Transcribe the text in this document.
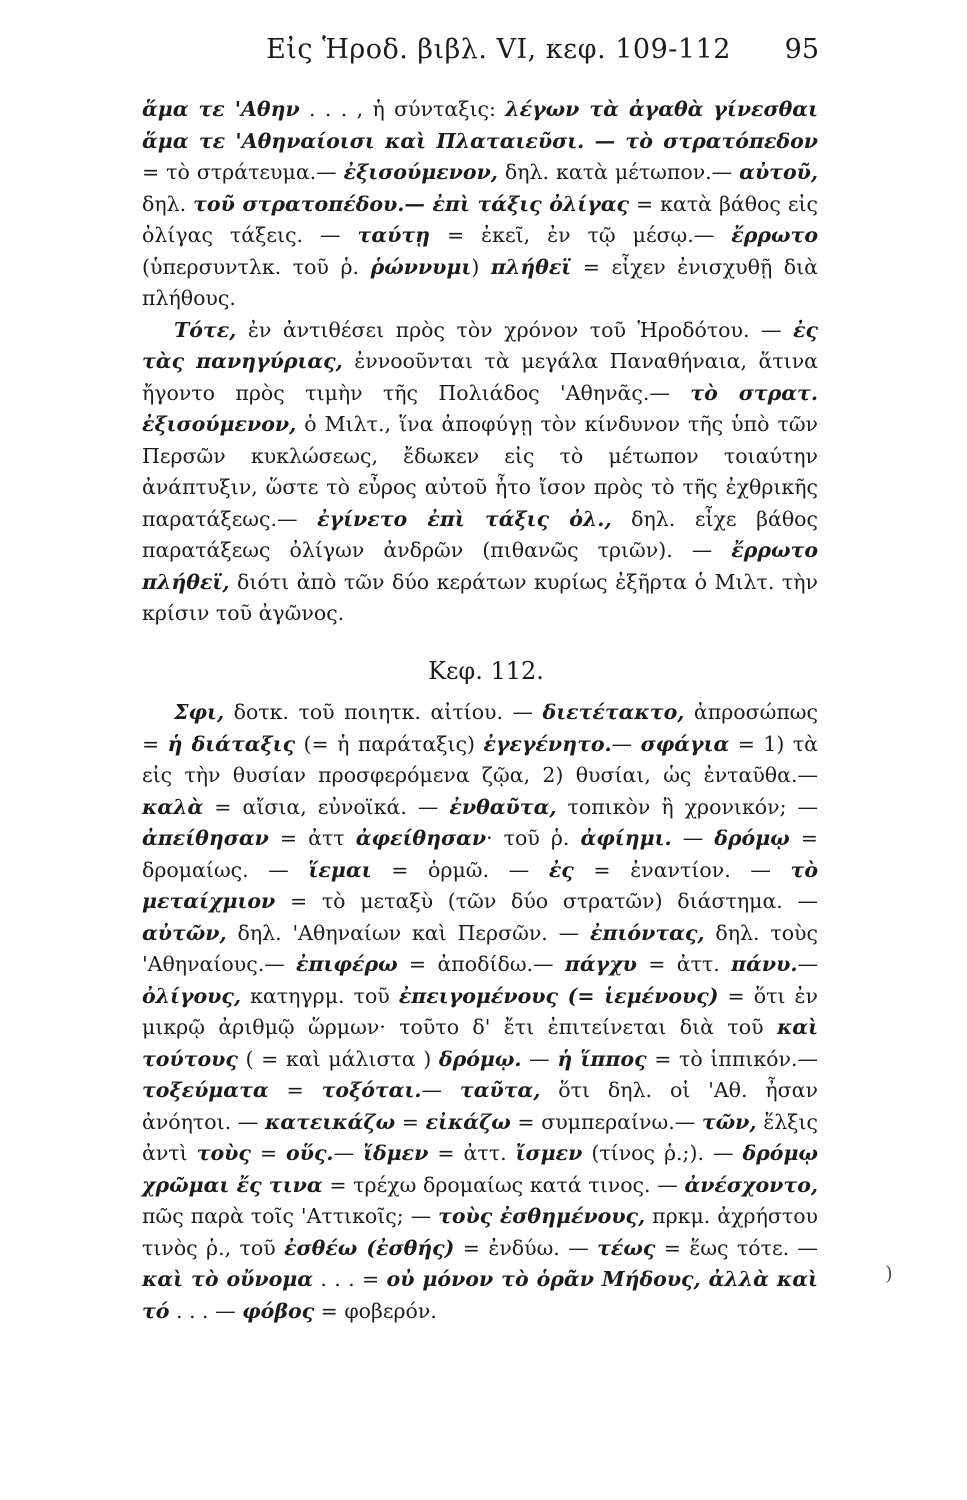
Εἰς Ἡροδ. βιβλ. VI, κεφ. 109-112	95

ἅμα τε 'Αθην . . . , ἡ σύνταξις: λέγων τὰ ἀγαθὰ γίνεσθαι ἅμα τε 'Αθηναίοισι καὶ Πλαταιεῦσι. — τὸ στρατόπεδον = τὸ στράτευμα.— ἐξισούμενον, δηλ. κατὰ μέτωπον.— αὐτοῦ, δηλ. τοῦ στρατοπέδου.— ἐπὶ τάξις ὀλίγας = κατὰ βάθος εἰς ὀλίγας τάξεις. — ταύτῃ = ἐκεῖ, ἐν τῷ μέσῳ.— ἔρρωτο (ὑπερσυντλκ. τοῦ ῥ. ῥώννυμι) πλήθεϊ = εἶχεν ἐνισχυθῇ διὰ πλήθους.

Τότε, ἐν ἀντιθέσει πρὸς τὸν χρόνον τοῦ Ἡροδότου. — ἐς τὰς πανηγύριας, ἐννοοῦνται τὰ μεγάλα Παναθήναια, ἅτινα ἤγοντο πρὸς τιμὴν τῆς Πολιάδος 'Αθηνᾶς.— τὸ στρατ. ἐξισούμενον, ὁ Μιλτ., ἵνα ἀποφύγῃ τὸν κίνδυνον τῆς ὑπὸ τῶν Περσῶν κυκλώσεως, ἔδωκεν εἰς τὸ μέτωπον τοιαύτην ἀνάπτυξιν, ὥστε τὸ εὖρος αὐτοῦ ἦτο ἴσον πρὸς τὸ τῆς ἐχθρικῆς παρατάξεως.— ἐγίνετο ἐπὶ τάξις ὀλ., δηλ. εἶχε βάθος παρατάξεως ὀλίγων ἀνδρῶν (πιθανῶς τριῶν). — ἔρρωτο πλήθεϊ, διότι ἀπὸ τῶν δύο κεράτων κυρίως ἐξῆρτα ὁ Μιλτ. τὴν κρίσιν τοῦ ἀγῶνος.

Κεφ. 112.

Σφι, δοτκ. τοῦ ποιητκ. αἰτίου. — διετέτακτο, ἀπροσώπως = ἡ διάταξις (= ἡ παράταξις) ἐγεγένητο.— σφάγια = 1) τὰ εἰς τὴν θυσίαν προσφερόμενα ζῷα, 2) θυσίαι, ὡς ἐνταῦθα.— καλὰ = αἴσια, εὐνοϊκά. — ἐνθαῦτα, τοπικὸν ἢ χρονικόν; — ἀπείθησαν = ἀττ ἀφείθησαν· τοῦ ῥ. ἀφίημι. — δρόμῳ = δρομαίως. — ἵεμαι = ὁρμῶ. — ἐς = ἐναντίον. — τὸ μεταίχμιον = τὸ μεταξὺ (τῶν δύο στρατῶν) διάστημα. — αὐτῶν, δηλ. 'Αθηναίων καὶ Περσῶν. — ἐπιόντας, δηλ. τοὺς 'Αθηναίους.— ἐπιφέρω = ἀποδίδω.— πάγχυ = ἀττ. πάνυ.— ὀλίγους, κατηγρμ. τοῦ ἐπειγομένους (= ἱεμένους) = ὅτι ἐν μικρῷ ἀριθμῷ ὥρμων· τοῦτο δ' ἔτι ἐπιτείνεται διὰ τοῦ καὶ τούτους ( = καὶ μάλιστα ) δρόμῳ. — ἡ ἵππος = τὸ ἱππικόν.— τοξεύματα = τοξόται.— ταῦτα, ὅτι δηλ. οἱ 'Αθ. ἦσαν ἀνόητοι. — κατεικάζω = εἰκάζω = συμπεραίνω.— τῶν, ἕλξις ἀντὶ τοὺς = οὕς.— ἴδμεν = ἀττ. ἴσμεν (τίνος ῥ.;). — δρόμῳ χρῶμαι ἔς τινα = τρέχω δρομαίως κατά τινος. — ἀνέσχοντο, πῶς παρὰ τοῖς 'Αττικοῖς; — τοὺς ἐσθημένους, πρκμ. ἀχρήστου τινὸς ῥ., τοῦ ἐσθέω (ἐσθής) = ἐνδύω. — τέως = ἕως τότε. — καὶ τὸ οὔνομα . . . = οὐ μόνον τὸ ὁρᾶν Μήδους, ἀλλὰ καὶ τό . . . — φόβος = φοβερόν.

)
